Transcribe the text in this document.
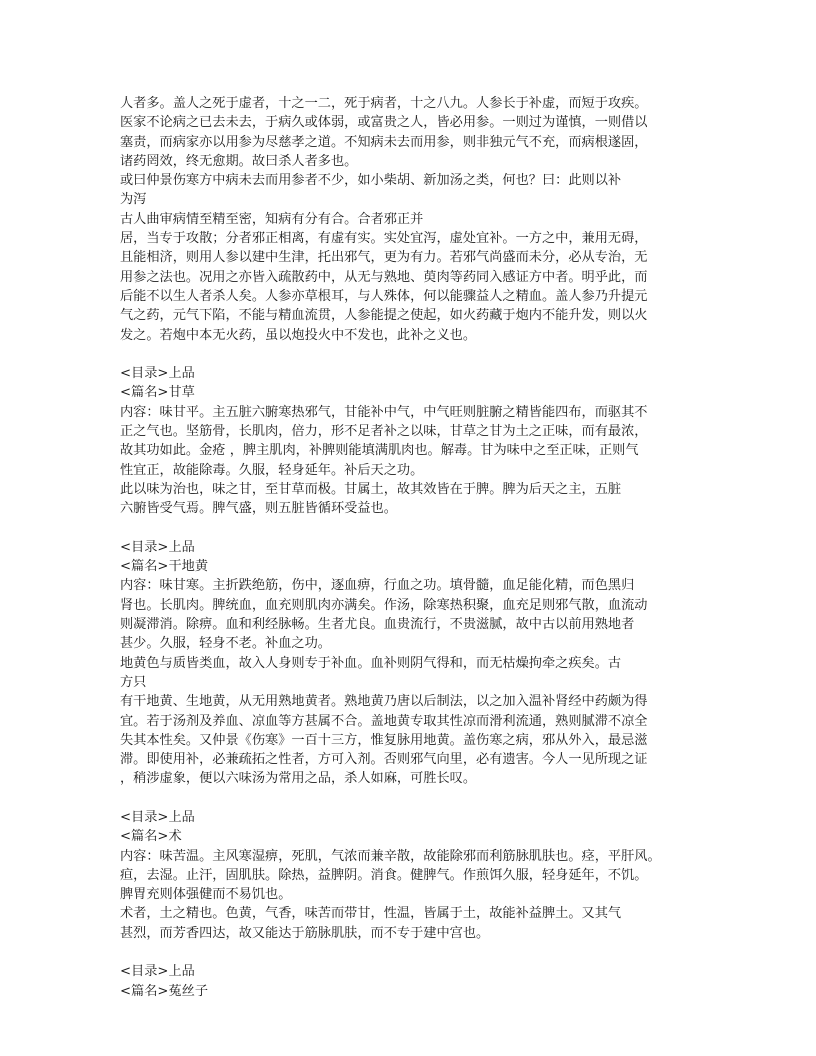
人者多。盖人之死于虚者，十之一二，死于病者，十之八九。人参长于补虚，而短于攻疾。
医家不论病之已去未去，于病久或体弱，或富贵之人，皆必用参。一则过为谨慎，一则借以
塞责，而病家亦以用参为尽慈孝之道。不知病未去而用参，则非独元气不充，而病根遂固，
诸药罔效，终无愈期。故曰杀人者多也。
或曰仲景伤寒方中病未去而用参者不少，如小柴胡、新加汤之类，何也？曰：此则以补
为泻
古人曲审病情至精至密，知病有分有合。合者邪正并
居，当专于攻散；分者邪正相离，有虚有实。实处宜泻，虚处宜补。一方之中，兼用无碍，
且能相济，则用人参以建中生津，托出邪气，更为有力。若邪气尚盛而未分，必从专治，无
用参之法也。况用之亦皆入疏散药中，从无与熟地、萸肉等药同入感证方中者。明乎此，而
后能不以生人者杀人矣。人参亦草根耳，与人殊体，何以能骤益人之精血。盖人参乃升提元
气之药，元气下陷，不能与精血流贯，人参能提之使起，如火药藏于炮内不能升发，则以火
发之。若炮中本无火药，虽以炮投火中不发也，此补之义也。
<目录>上品
<篇名>甘草
内容：味甘平。主五脏六腑寒热邪气，甘能补中气，中气旺则脏腑之精皆能四布，而驱其不
正之气也。坚筋骨，长肌肉，倍力，形不足者补之以味，甘草之甘为土之正味，而有最浓，
故其功如此。金疮 ，脾主肌肉，补脾则能填满肌肉也。解毒。甘为味中之至正味，正则气
性宜正，故能除毒。久服，轻身延年。补后天之功。
此以味为治也，味之甘，至甘草而极。甘属土，故其效皆在于脾。脾为后天之主，五脏
六腑皆受气焉。脾气盛，则五脏皆循环受益也。
<目录>上品
<篇名>干地黄
内容：味甘寒。主折跌绝筋，伤中，逐血痹，行血之功。填骨髓，血足能化精，而色黑归
肾也。长肌肉。脾统血，血充则肌肉亦满矣。作汤，除寒热积聚，血充足则邪气散，血流动
则凝滞消。除痹。血和利经脉畅。生者尤良。血贵流行，不贵滋腻，故中古以前用熟地者
甚少。久服，轻身不老。补血之功。
地黄色与质皆类血，故入人身则专于补血。血补则阴气得和，而无枯燥拘牵之疾矣。古
方只
有干地黄、生地黄，从无用熟地黄者。熟地黄乃唐以后制法，以之加入温补肾经中药颇为得
宜。若于汤剂及养血、凉血等方甚属不合。盖地黄专取其性凉而滑利流通，熟则腻滞不凉全
失其本性矣。又仲景《伤寒》一百十三方，惟复脉用地黄。盖伤寒之病，邪从外入，最忌滋
滞。即使用补，必兼疏拓之性者，方可入剂。否则邪气向里，必有遗害。今人一见所现之证
，稍涉虚象，便以六味汤为常用之品，杀人如麻，可胜长叹。
<目录>上品
<篇名>术
内容：味苦温。主风寒湿痹，死肌，气浓而兼辛散，故能除邪而利筋脉肌肤也。痉，平肝风。
疸，去湿。止汗，固肌肤。除热，益脾阴。消食。健脾气。作煎饵久服，轻身延年，不饥。
脾胃充则体强健而不易饥也。
术者，土之精也。色黄，气香，味苦而带甘，性温，皆属于土，故能补益脾土。又其气
甚烈，而芳香四达，故又能达于筋脉肌肤，而不专于建中宫也。
<目录>上品
<篇名>菟丝子
